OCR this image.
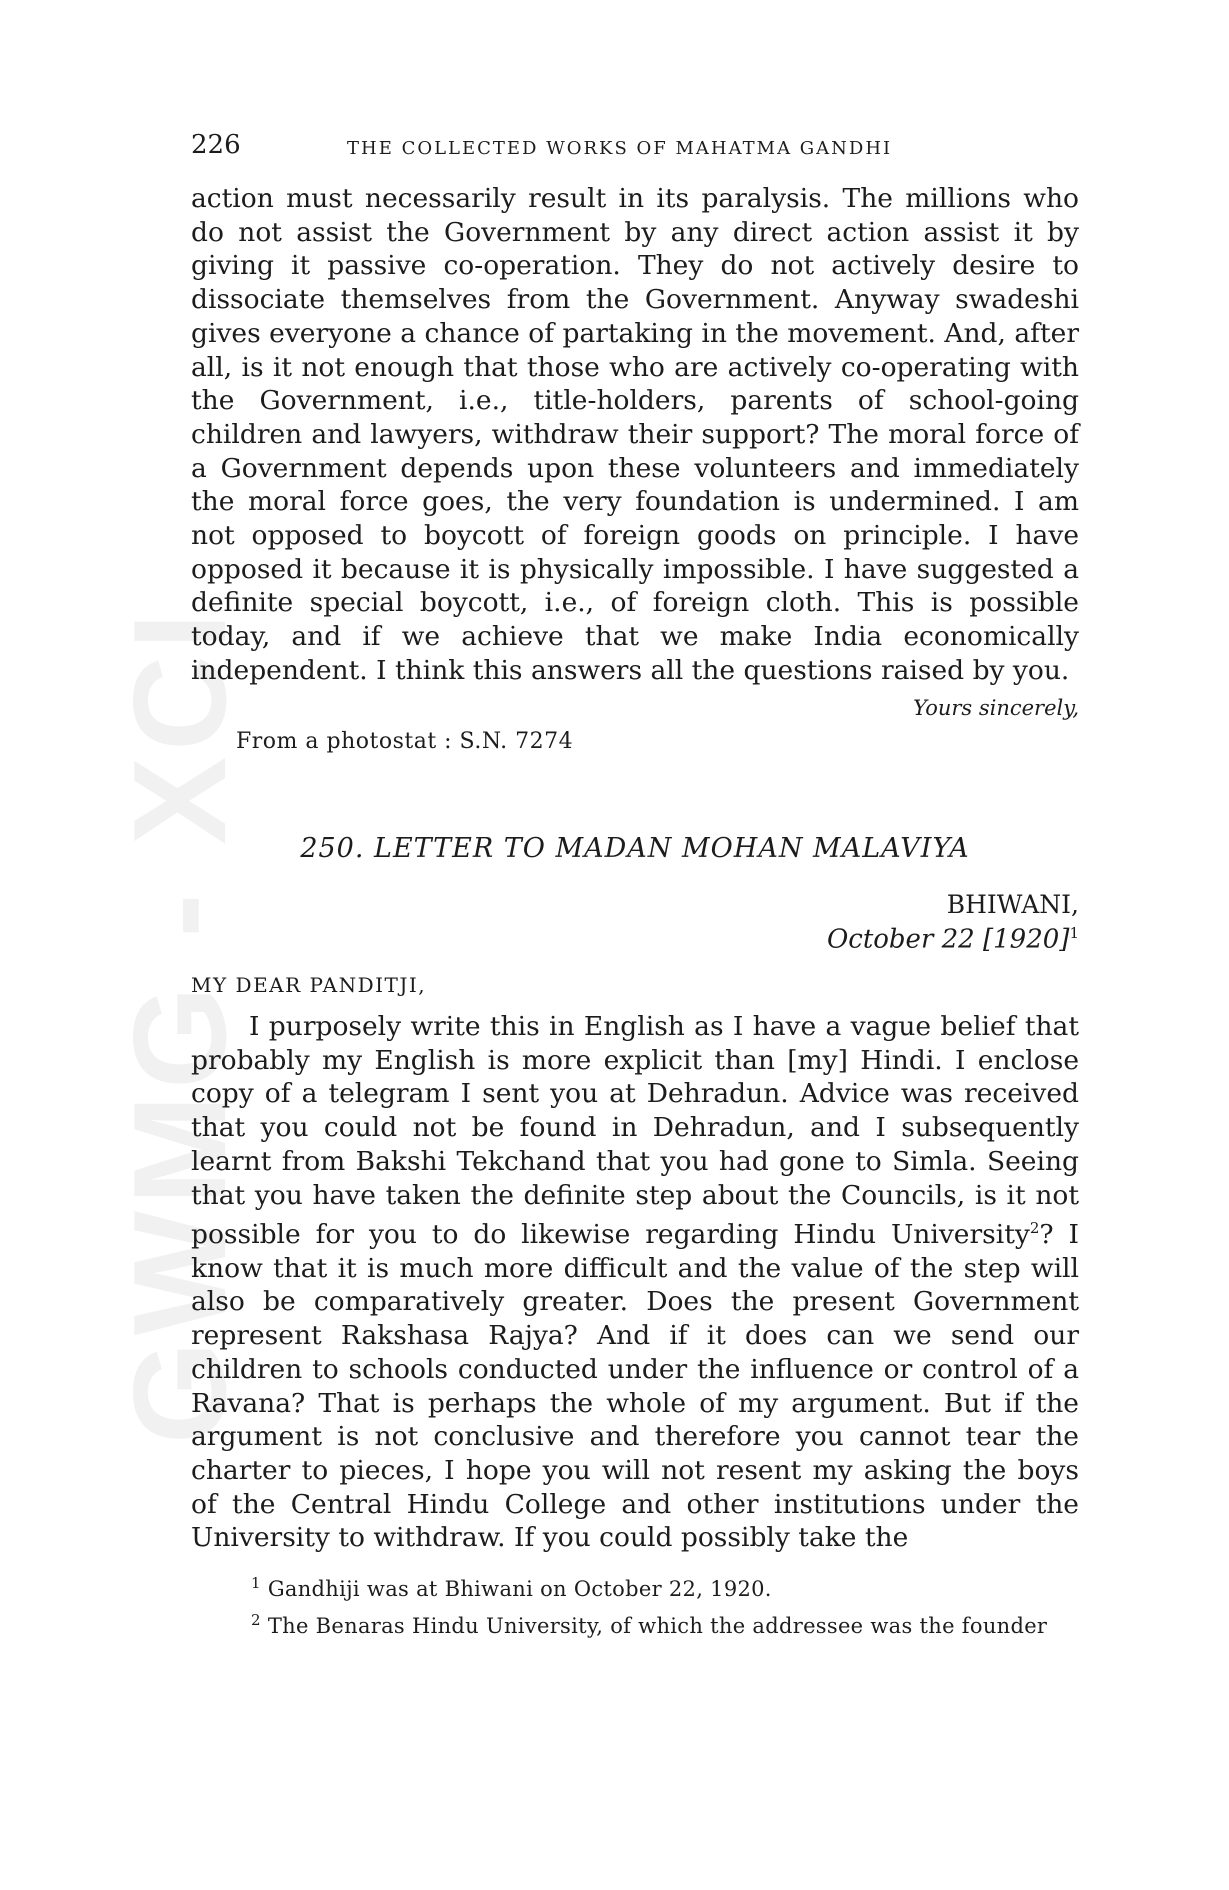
GWMG - XCI
226	THE COLLECTED WORKS OF MAHATMA GANDHI

action must necessarily result in its paralysis. The millions who do not assist the Government by any direct action assist it by giving it passive co-operation. They do not actively desire to dissociate themselves from the Government. Anyway swadeshi gives everyone a chance of partaking in the movement. And, after all, is it not enough that those who are actively co-operating with the Government, i.e., title-holders, parents of school-going children and lawyers, withdraw their support? The moral force of a Government depends upon these volunteers and immediately the moral force goes, the very foundation is undermined. I am not opposed to boycott of foreign goods on principle. I have opposed it because it is physically impossible. I have suggested a definite special boycott, i.e., of foreign cloth. This is possible today, and if we achieve that we make India economically independent. I think this answers all the questions raised by you.

Yours sincerely,
From a photostat : S.N. 7274
250. LETTER TO MADAN MOHAN MALAVIYA
BHIWANI,
October 22 $[1920]^1$
MY DEAR PANDITJI,

I purposely write this in English as I have a vague belief that probably my English is more explicit than [my] Hindi. I enclose copy of a telegram I sent you at Dehradun. Advice was received that you could not be found in Dehradun, and I subsequently learnt from Bakshi Tekchand that you had gone to Simla. Seeing that you have taken the definite step about the Councils, is it not possible for you to do likewise regarding Hindu University$^2$? I know that it is much more difficult and the value of the step will also be comparatively greater. Does the present Government represent Rakshasa Rajya? And if it does can we send our children to schools conducted under the influence or control of a Ravana? That is perhaps the whole of my argument. But if the argument is not conclusive and therefore you cannot tear the charter to pieces, I hope you will not resent my asking the boys of the Central Hindu College and other institutions under the University to withdraw. If you could possibly take the

$^1$ Gandhiji was at Bhiwani on October 22, 1920.
$^2$ The Benaras Hindu University, of which the addressee was the founder
